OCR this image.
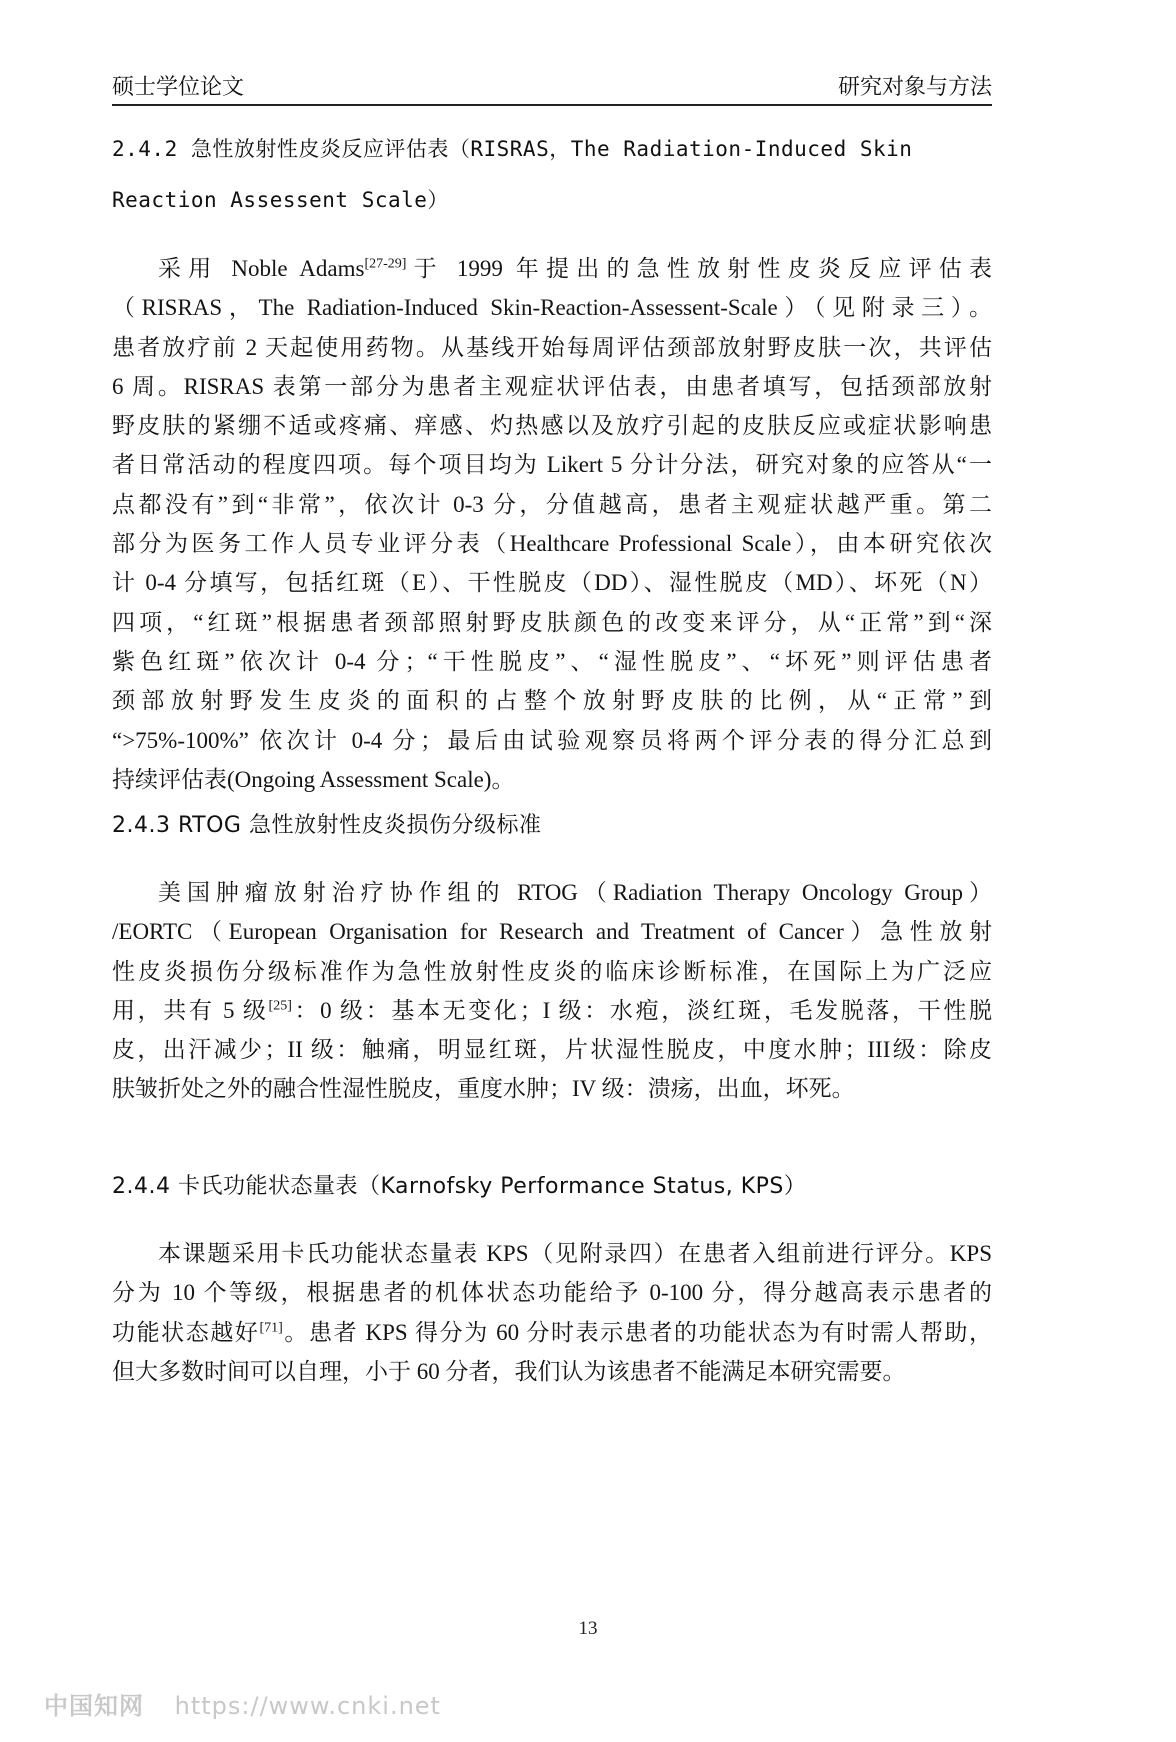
硕士学位论文	研究对象与方法
2.4.2 急性放射性皮炎反应评估表（RISRAS，The Radiation-Induced Skin
Reaction Assessent Scale）
采用 Noble Adams[27-29]于 1999 年提出的急性放射性皮炎反应评估表
（RISRAS，The Radiation-Induced Skin-Reaction-Assessent-Scale）（见附录三）。
患者放疗前 2 天起使用药物。从基线开始每周评估颈部放射野皮肤一次，共评估
6 周。RISRAS 表第一部分为患者主观症状评估表，由患者填写，包括颈部放射
野皮肤的紧绷不适或疼痛、痒感、灼热感以及放疗引起的皮肤反应或症状影响患
者日常活动的程度四项。每个项目均为 Likert 5 分计分法，研究对象的应答从“一
点都没有”到“非常”，依次计 0-3 分，分值越高，患者主观症状越严重。第二
部分为医务工作人员专业评分表（Healthcare Professional Scale），由本研究依次
计 0-4 分填写，包括红斑（E）、干性脱皮（DD）、湿性脱皮（MD）、坏死（N）
四项，“红斑”根据患者颈部照射野皮肤颜色的改变来评分，从“正常”到“深
紫色红斑”依次计 0-4 分；“干性脱皮”、“湿性脱皮”、“坏死”则评估患者
颈部放射野发生皮炎的面积的占整个放射野皮肤的比例，从“正常”到
“>75%-100%” 依次计 0-4 分；最后由试验观察员将两个评分表的得分汇总到
持续评估表(Ongoing Assessment Scale)。
2.4.3 RTOG 急性放射性皮炎损伤分级标准
美国肿瘤放射治疗协作组的 RTOG（Radiation Therapy Oncology Group）
/EORTC（European Organisation for Research and Treatment of Cancer）急性放射
性皮炎损伤分级标准作为急性放射性皮炎的临床诊断标准，在国际上为广泛应
用，共有 5 级[25]：0 级：基本无变化；I 级：水疱，淡红斑，毛发脱落，干性脱
皮，出汗减少；II 级：触痛，明显红斑，片状湿性脱皮，中度水肿；III级：除皮
肤皱折处之外的融合性湿性脱皮，重度水肿；IV 级：溃疡，出血，坏死。
2.4.4 卡氏功能状态量表（Karnofsky Performance Status, KPS）
本课题采用卡氏功能状态量表 KPS（见附录四）在患者入组前进行评分。KPS
分为 10 个等级，根据患者的机体状态功能给予 0-100 分，得分越高表示患者的
功能状态越好[71]。患者 KPS 得分为 60 分时表示患者的功能状态为有时需人帮助，
但大多数时间可以自理，小于 60 分者，我们认为该患者不能满足本研究需要。
13
中国知网 https://www.cnki.net
